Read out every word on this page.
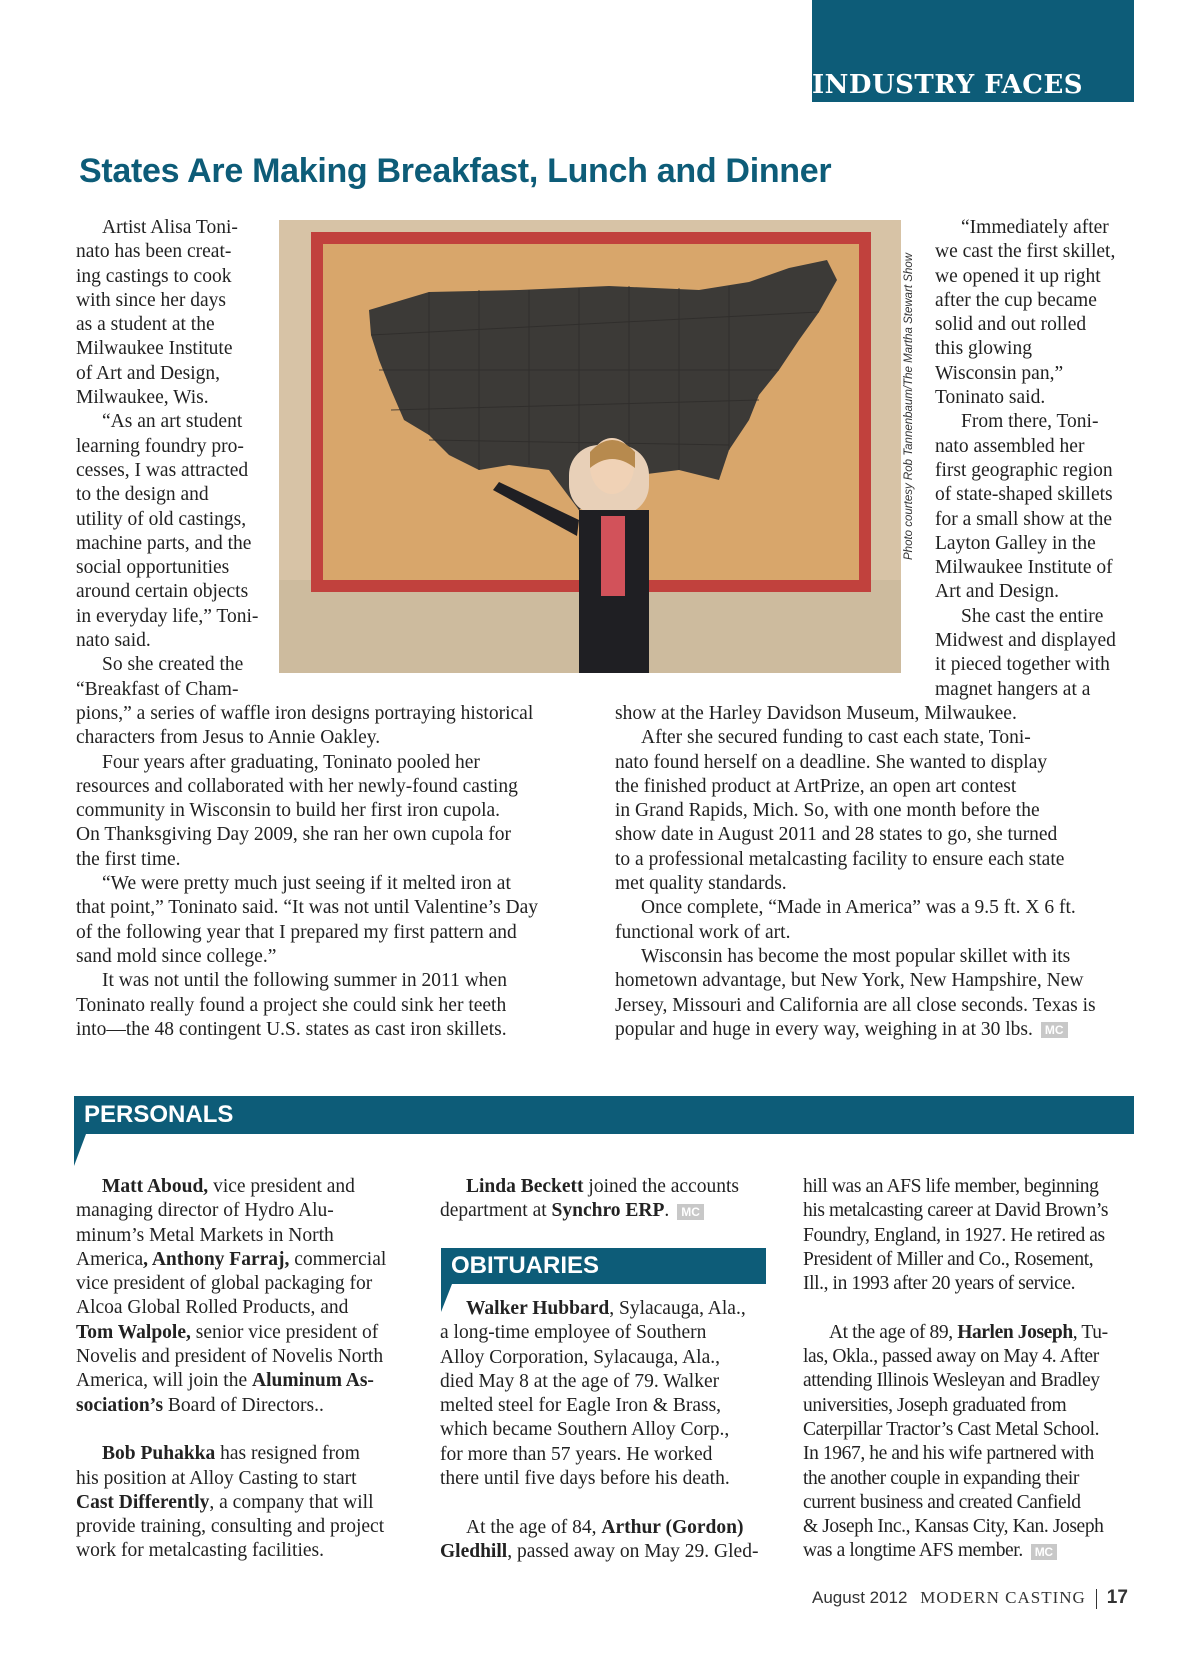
INDUSTRY FACES
States Are Making Breakfast, Lunch and Dinner

Artist Alisa Toni-

nato has been creat-

ing castings to cook

with since her days

as a student at the

Milwaukee Institute

of Art and Design,

Milwaukee, Wis.

“As an art student

learning foundry pro-

cesses, I was attracted

to the design and

utility of old castings,

machine parts, and the

social opportunities

around certain objects

in everyday life,” Toni-

nato said.

So she created the

“Breakfast of Cham-

pions,” a series of waffle iron designs portraying historical

characters from Jesus to Annie Oakley.

Four years after graduating, Toninato pooled her

resources and collaborated with her newly-found casting

community in Wisconsin to build her first iron cupola.

On Thanksgiving Day 2009, she ran her own cupola for

the first time.

“We were pretty much just seeing if it melted iron at

that point,” Toninato said. “It was not until Valentine’s Day

of the following year that I prepared my first pattern and

sand mold since college.”

It was not until the following summer in 2011 when

Toninato really found a project she could sink her teeth

into—the 48 contingent U.S. states as cast iron skillets.

Photo courtesy Rob Tannenbaum/The Martha Stewart Show

“Immediately after

we cast the first skillet,

we opened it up right

after the cup became

solid and out rolled

this glowing

Wisconsin pan,”

Toninato said.

From there, Toni-

nato assembled her

first geographic region

of state-shaped skillets

for a small show at the

Layton Galley in the

Milwaukee Institute of

Art and Design.

She cast the entire

Midwest and displayed

it pieced together with

magnet hangers at a

show at the Harley Davidson Museum, Milwaukee.

After she secured funding to cast each state, Toni-

nato found herself on a deadline. She wanted to display

the finished product at ArtPrize, an open art contest

in Grand Rapids, Mich. So, with one month before the

show date in August 2011 and 28 states to go, she turned

to a professional metalcasting facility to ensure each state

met quality standards.

Once complete, “Made in America” was a 9.5 ft. X 6 ft.

functional work of art.

Wisconsin has become the most popular skillet with its

hometown advantage, but New York, New Hampshire, New

Jersey, Missouri and California are all close seconds. Texas is

popular and huge in every way, weighing in at 30 lbs. MC

PERSONALS

Matt Aboud, vice president and

managing director of Hydro Alu-

minum’s Metal Markets in North

America, Anthony Farraj, commercial

vice president of global packaging for

Alcoa Global Rolled Products, and

Tom Walpole, senior vice president of

Novelis and president of Novelis North

America, will join the Aluminum As-

sociation’s Board of Directors..

Bob Puhakka has resigned from

his position at Alloy Casting to start

Cast Differently, a company that will

provide training, consulting and project

work for metalcasting facilities.

Linda Beckett joined the accounts

department at Synchro ERP. MC

OBITUARIES

Walker Hubbard, Sylacauga, Ala.,

a long-time employee of Southern

Alloy Corporation, Sylacauga, Ala.,

died May 8 at the age of 79. Walker

melted steel for Eagle Iron & Brass,

which became Southern Alloy Corp.,

for more than 57 years. He worked

there until five days before his death.

At the age of 84, Arthur (Gordon)

Gledhill, passed away on May 29. Gled-

hill was an AFS life member, beginning

his metalcasting career at David Brown’s

Foundry, England, in 1927. He retired as

President of Miller and Co., Rosement,

Ill., in 1993 after 20 years of service.

At the age of 89, Harlen Joseph, Tu-

las, Okla., passed away on May 4. After

attending Illinois Wesleyan and Bradley

universities, Joseph graduated from

Caterpillar Tractor’s Cast Metal School.

In 1967, he and his wife partnered with

the another couple in expanding their

current business and created Canfield

& Joseph Inc., Kansas City, Kan. Joseph

was a longtime AFS member. MC

August 2012 MODERN CASTING 17
